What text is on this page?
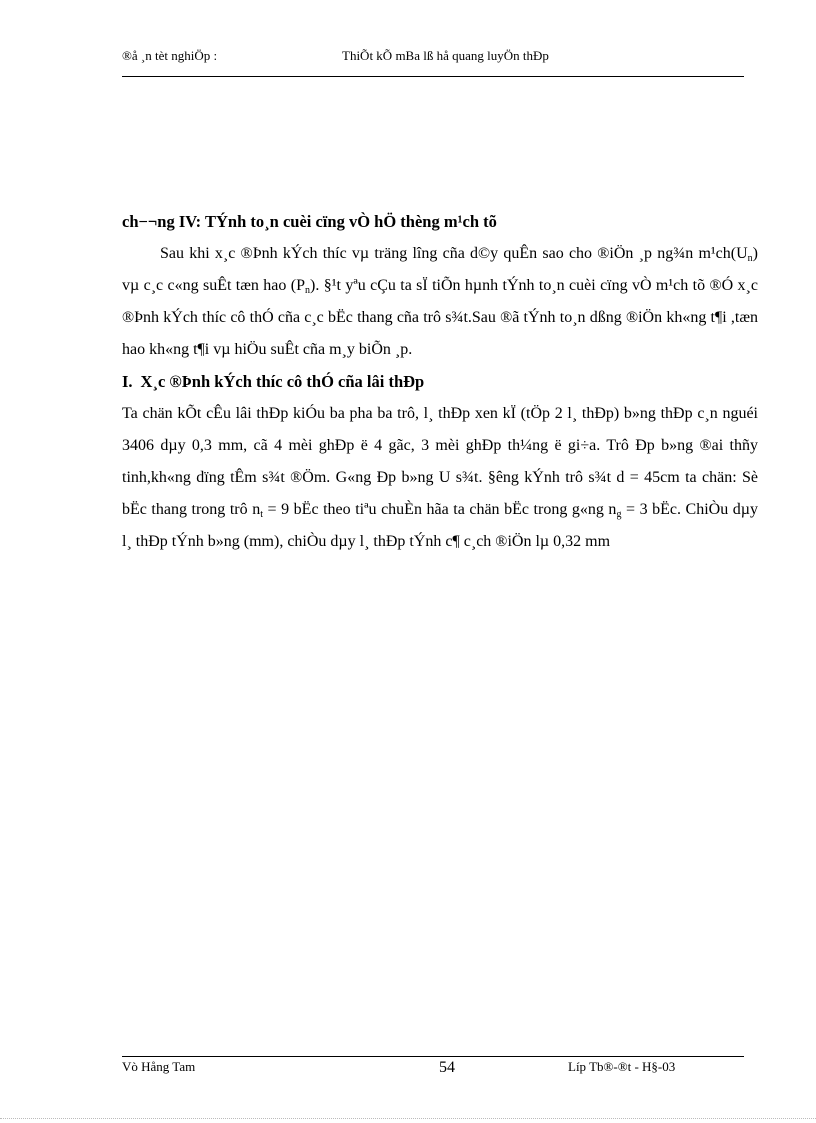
®å ¸n tèt nghiÖp :	ThiÕt kÕ mBa lß hå quang luyÖn thÐp

ch−¬ng IV: TÝnh to¸n cuèi cïng vÒ hÖ thèng m¹ch tõ

Sau khi x¸c ®Þnh kÝch thíc vµ träng lîng cña d©y quÊn sao cho ®iÖn ¸p ng¾n $m^1ch(U_n)$ vµ c¸c c«ng suÊt tæn hao $(P_n)$. §¹t yªu cÇu ta sÏ tiÕn hµnh tÝnh to¸n cuèi cïng vÒ m¹ch tõ ®Ó x¸c ®Þnh kÝch thíc cô thÓ cña c¸c bËc thang cña trô s¾t.Sau ®ã tÝnh to¸n dßng ®iÖn kh«ng t¶i ,tæn hao kh«ng t¶i vµ hiÖu suÊt cña m¸y biÕn ¸p.

I. X¸c ®Þnh kÝch thíc cô thÓ cña lâi thÐp

Ta chän kÕt cÊu lâi thÐp kiÓu ba pha ba trô, l¸ thÐp xen kÏ (tÖp 2 l¸ thÐp) b»ng thÐp c¸n nguéi 3406 dµy 0,3 mm, cã 4 mèi ghÐp ë 4 gãc, 3 mèi ghÐp th¼ng ë gi÷a. Trô Ðp b»ng ®ai thñy tinh,kh«ng dïng tÊm s¾t ®Öm. G«ng Ðp b»ng U s¾t. §êng kÝnh trô s¾t d = 45cm ta chän: Sè bËc thang trong trô $n_t = 9$ bËc theo tiªu chuÈn hãa ta chän bËc trong g«ng $n_g = 3$ bËc. ChiÒu dµy l¸ thÐp tÝnh b»ng (mm), chiÒu dµy l¸ thÐp tÝnh c¶ c¸ch ®iÖn lµ 0,32 mm

Vò Hång Tam	54	Líp Tb®-®t - H§-03
